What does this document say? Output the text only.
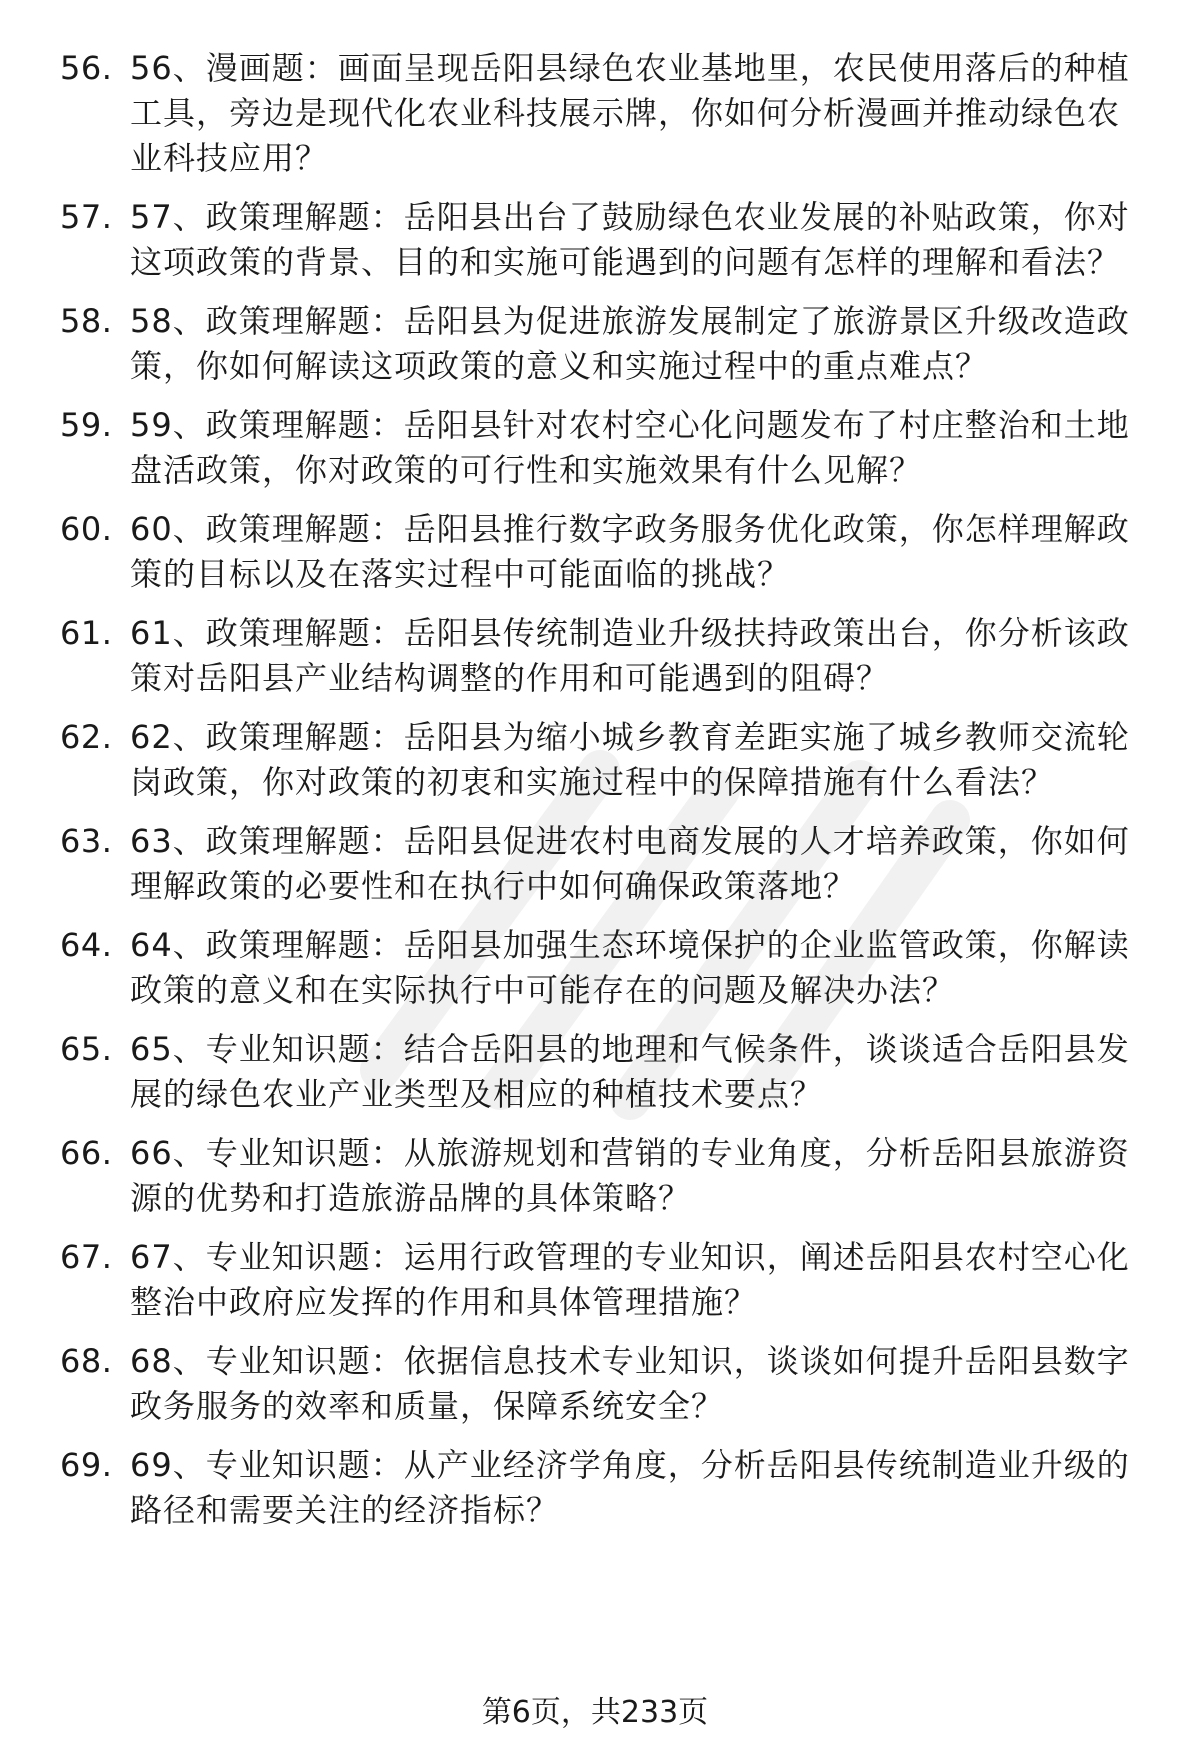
56. 56、漫画题：画面呈现岳阳县绿色农业基地里，农民使用落后的种植工具，旁边是现代化农业科技展示牌，你如何分析漫画并推动绿色农业科技应用？
57. 57、政策理解题：岳阳县出台了鼓励绿色农业发展的补贴政策，你对这项政策的背景、目的和实施可能遇到的问题有怎样的理解和看法？
58. 58、政策理解题：岳阳县为促进旅游发展制定了旅游景区升级改造政策，你如何解读这项政策的意义和实施过程中的重点难点？
59. 59、政策理解题：岳阳县针对农村空心化问题发布了村庄整治和土地盘活政策，你对政策的可行性和实施效果有什么见解？
60. 60、政策理解题：岳阳县推行数字政务服务优化政策，你怎样理解政策的目标以及在落实过程中可能面临的挑战？
61. 61、政策理解题：岳阳县传统制造业升级扶持政策出台，你分析该政策对岳阳县产业结构调整的作用和可能遇到的阻碍？
62. 62、政策理解题：岳阳县为缩小城乡教育差距实施了城乡教师交流轮岗政策，你对政策的初衷和实施过程中的保障措施有什么看法？
63. 63、政策理解题：岳阳县促进农村电商发展的人才培养政策，你如何理解政策的必要性和在执行中如何确保政策落地？
64. 64、政策理解题：岳阳县加强生态环境保护的企业监管政策，你解读政策的意义和在实际执行中可能存在的问题及解决办法？
65. 65、专业知识题：结合岳阳县的地理和气候条件，谈谈适合岳阳县发展的绿色农业产业类型及相应的种植技术要点？
66. 66、专业知识题：从旅游规划和营销的专业角度，分析岳阳县旅游资源的优势和打造旅游品牌的具体策略？
67. 67、专业知识题：运用行政管理的专业知识，阐述岳阳县农村空心化整治中政府应发挥的作用和具体管理措施？
68. 68、专业知识题：依据信息技术专业知识，谈谈如何提升岳阳县数字政务服务的效率和质量，保障系统安全？
69. 69、专业知识题：从产业经济学角度，分析岳阳县传统制造业升级的路径和需要关注的经济指标？
第6页，共233页
